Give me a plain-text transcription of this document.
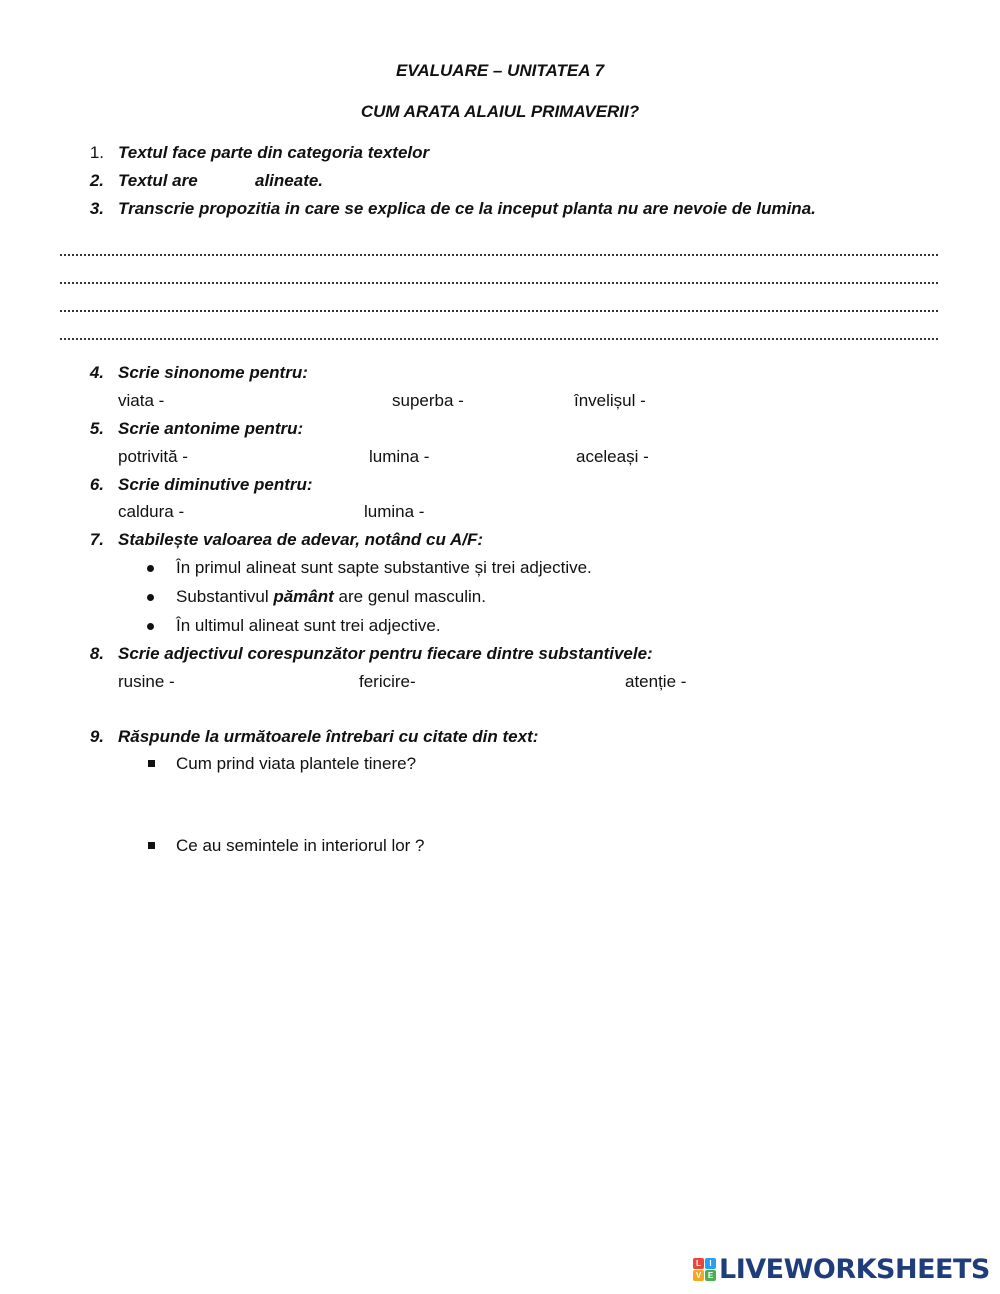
EVALUARE – UNITATEA 7
CUM ARATA ALAIUL PRIMAVERII?
1. Textul face parte din categoria textelor
2. Textul are	alineate.
3. Transcrie propozitia in care se explica de ce la inceput planta nu are nevoie de lumina.
4. Scrie sinonome pentru:
viata -	superba -	învelișul -
5. Scrie antonime pentru:
potrivită -	lumina -	aceleași -
6. Scrie diminutive pentru:
caldura -	lumina -
7. Stabilește valoarea de adevar, notând cu A/F:
În primul alineat sunt sapte substantive și trei adjective.
Substantivul pământ are genul masculin.
În ultimul alineat sunt trei adjective.
8. Scrie adjectivul corespunzător pentru fiecare dintre substantivele:
rusine -	fericire-	atenție -
9. Răspunde la următoarele întrebari cu citate din text:
Cum prind viata plantele tinere?
Ce au semintele in interiorul lor ?
L	I
V E LIVEWORKSHEETS
